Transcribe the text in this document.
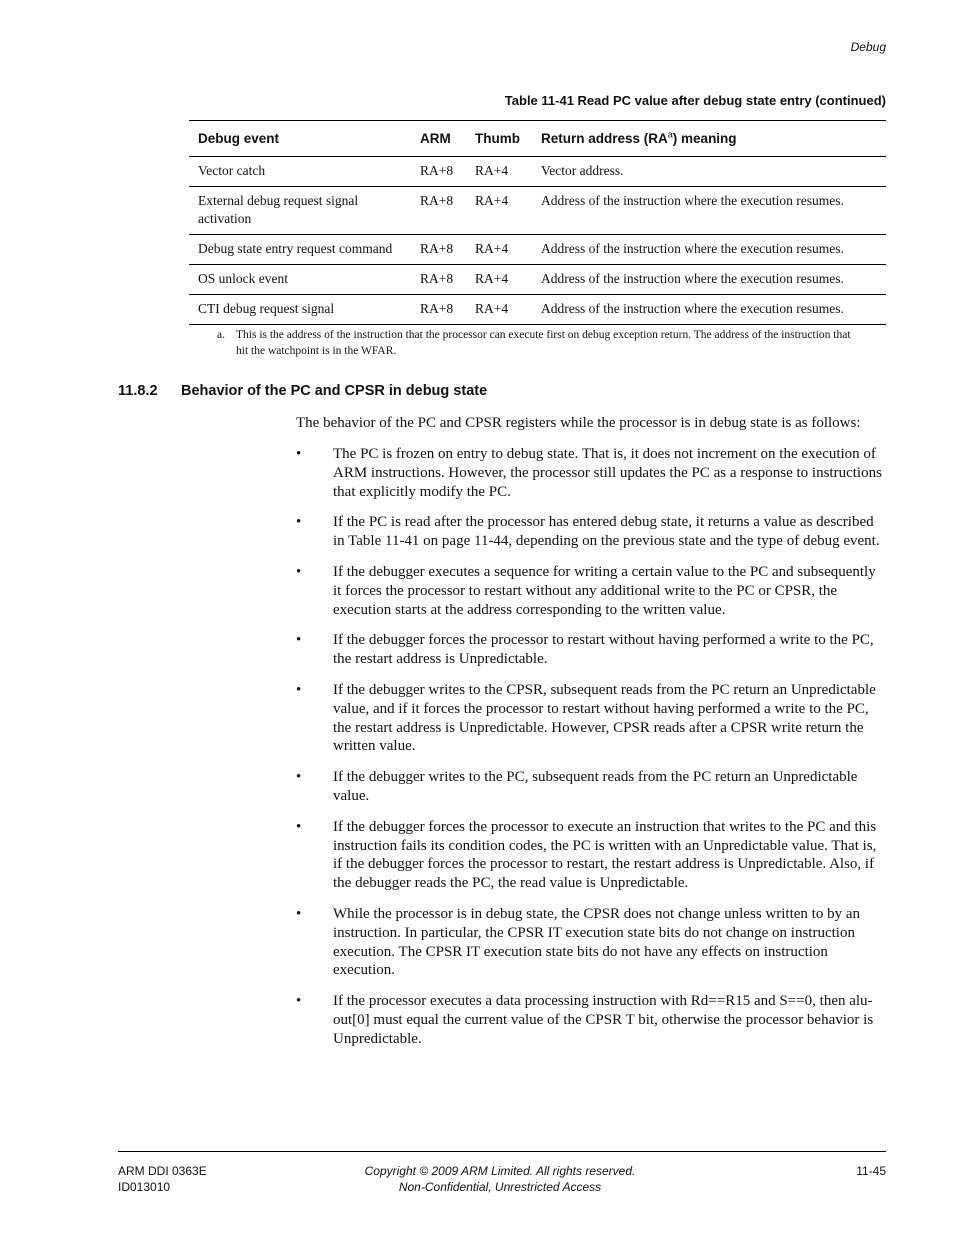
Debug
Table 11-41 Read PC value after debug state entry (continued)
Debug event	ARM	Thumb	Return address (RA$^a$) meaning
Vector catch	RA+8	RA+4	Vector address.
External debug request signal activation	RA+8	RA+4	Address of the instruction where the execution resumes.
Debug state entry request command	RA+8	RA+4	Address of the instruction where the execution resumes.
OS unlock event	RA+8	RA+4	Address of the instruction where the execution resumes.
CTI debug request signal	RA+8	RA+4	Address of the instruction where the execution resumes.
a. This is the address of the instruction that the processor can execute first on debug exception return. The address of the instruction that hit the watchpoint is in the WFAR.
11.8.2 Behavior of the PC and CPSR in debug state
The behavior of the PC and CPSR registers while the processor is in debug state is as follows:
• The PC is frozen on entry to debug state. That is, it does not increment on the execution of ARM instructions. However, the processor still updates the PC as a response to instructions that explicitly modify the PC.
• If the PC is read after the processor has entered debug state, it returns a value as described in Table 11-41 on page 11-44, depending on the previous state and the type of debug event.
• If the debugger executes a sequence for writing a certain value to the PC and subsequently it forces the processor to restart without any additional write to the PC or CPSR, the execution starts at the address corresponding to the written value.
• If the debugger forces the processor to restart without having performed a write to the PC, the restart address is Unpredictable.
• If the debugger writes to the CPSR, subsequent reads from the PC return an Unpredictable value, and if it forces the processor to restart without having performed a write to the PC, the restart address is Unpredictable. However, CPSR reads after a CPSR write return the written value.
• If the debugger writes to the PC, subsequent reads from the PC return an Unpredictable value.
• If the debugger forces the processor to execute an instruction that writes to the PC and this instruction fails its condition codes, the PC is written with an Unpredictable value. That is, if the debugger forces the processor to restart, the restart address is Unpredictable. Also, if the debugger reads the PC, the read value is Unpredictable.
• While the processor is in debug state, the CPSR does not change unless written to by an instruction. In particular, the CPSR IT execution state bits do not change on instruction execution. The CPSR IT execution state bits do not have any effects on instruction execution.
• If the processor executes a data processing instruction with Rd==R15 and S==0, then alu-out[0] must equal the current value of the CPSR T bit, otherwise the processor behavior is Unpredictable.
ARM DDI 0363E
ID013010
Copyright © 2009 ARM Limited. All rights reserved.
Non-Confidential, Unrestricted Access
11-45
